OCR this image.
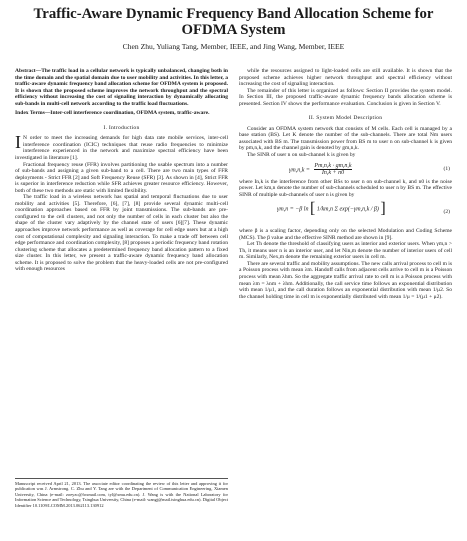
Traffic-Aware Dynamic Frequency Band Allocation Scheme for OFDMA System
Chen Zhu, Yuliang Tang, Member, IEEE, and Jing Wang, Member, IEEE

Abstract—The traffic load in a cellular network is typically unbalanced, changing both in the time domain and the spatial domain due to user mobility and activities. In this letter, a traffic-aware dynamic frequency band allocation scheme for OFDMA system is proposed. It is shown that the proposed scheme improves the network throughput and the spectral efficiency without increasing the cost of signaling interaction by dynamically allocating sub-bands in multi-cell network according to the traffic load fluctuations.

Index Terms—Inter-cell interference coordination, OFDMA system, traffic-aware.

I. Introduction

I N order to meet the increasing demands for high data rate mobile services, inter-cell interference coordination (ICIC) techniques that reuse radio frequencies to minimize interference experienced in the network and maximize spectral efficiency have been investigated in literature [1].

Fractional frequency reuse (FFR) involves partitioning the usable spectrum into a number of sub-bands and assigning a given sub-band to a cell. There are two main types of FFR deployments - Strict FFR [2] and Soft Frequency Reuse (SFR) [3]. As shown in [4], Strict FFR is superior in interference reduction while SFR achieves greater resource efficiency. However, both of these two methods are static with limited flexibility.

The traffic load in a wireless network has spatial and temporal fluctuations due to user mobility and activities [5]. Therefore, [6], [7], [8] provide several dynamic multi-cell coordination approaches based on FFR by joint transmissions. The sub-bands are pre-configured to the cell clusters, and not only the number of cells in each cluster but also the shape of the cluster vary adaptively by the channel state of users [6][7]. These dynamic approaches improve network performance as well as coverage for cell edge users but at a high cost of computational complexity and signaling interaction. To make a trade off between cell edge performance and coordination complexity, [8] proposes a periodic frequency band rotation clustering scheme that allocates a predetermined frequency band allocation pattern to a fixed size cluster. In this letter, we present a traffic-aware dynamic frequency band allocation scheme. It is proposed to solve the problem that the heavy-loaded cells are not pre-configured with enough resources

Manuscript received April 21, 2013. The associate editor coordinating the review of this letter and approving it for publication was J. Armstrong. C. Zhu and Y. Tang are with the Department of Communication Engineering, Xiamen University, China (e-mail: zoeyzc@foxmail.com, tyl@xmu.edu.cn). J. Wang is with the National Laboratory for Information Science and Technology, Tsinghua University, China (e-mail: wangj@mail.tsinghua.edu.cn). Digital Object Identifier 10.1109/LCOMM.2013.062113.130912

while the resources assigned to light-loaded cells are still available. It is shown that the proposed scheme achieves higher network throughput and spectral efficiency without increasing the cost of signaling interaction.

The remainder of this letter is organized as follows: Section II provides the system model. In Section III, the proposed traffic-aware dynamic frequency bands allocation scheme is presented. Section IV shows the performance evaluation. Conclusion is given in Section V.

II. System Model Description

Consider an OFDMA system network that consists of M cells. Each cell is managed by a base station (BS). Let K denote the number of the sub-channels. There are total Nm users associated with BS m. The transmission power from BS m to user n on sub-channel k is given by pm,n,k, and the channel gain is denoted by gm,n,k.

The SINR of user n on sub-channel k is given by

$\gamma m,n,k = \frac{Pm,n,k \cdot gm,n,k}{In,k + n0}$	(1)

where In,k is the interference from other BSs to user n on sub-channel k, and n0 is the noise power. Let km,n denote the number of sub-channels scheduled to user n by BS m. The effective SINR of multiple sub-channels of user n is given by

γm,n = −β ln [ 1/km,n Σ exp(−γm,n,k / β) ]	(2)

where β is a scaling factor, depending only on the selected Modulation and Coding Scheme (MCS). The β value and the effective SINR method are shown in [9].

Let Th denote the threshold of classifying users as interior and exterior users. When γm,n > Th, it means user n is an interior user, and let Nin,m denote the number of interior users of cell m. Similarly, Nex,m denote the remaining exterior users in cell m.

There are several traffic and mobility assumptions. The new calls arrival process to cell m is a Poisson process with mean λm. Handoff calls from adjacent cells arrive to cell m is a Poisson process with mean λhm. So the aggregate traffic arrival rate to cell m is a Poisson process with mean λm = λnm + λhm. Additionally, the call service time follows an exponential distribution with mean 1/μ1, and the call duration follows an exponential distribution with mean 1/μ2. So the channel holding time in cell m is exponentially distributed with mean 1/μ = 1/(μ1 + μ2).
